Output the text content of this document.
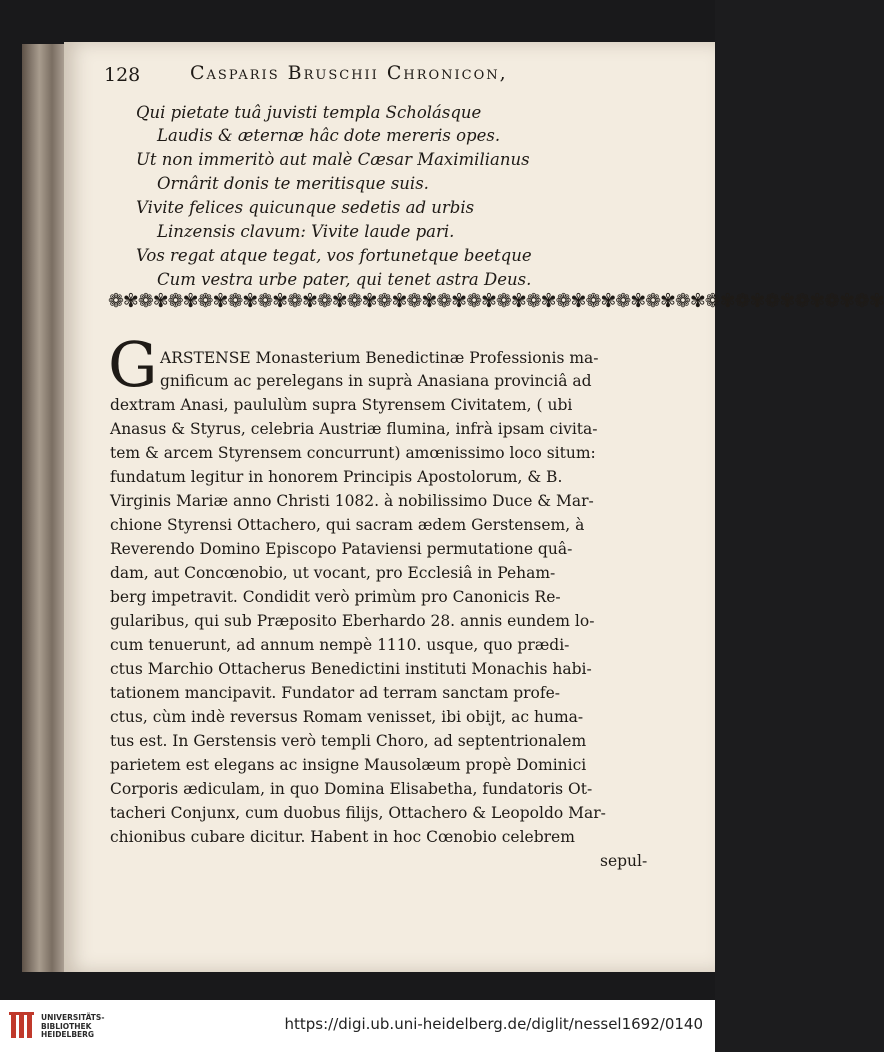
128	Casparis Bruschii Chronicon,
Qui pietate tuâ juvisti templa Scholásque
Laudis & æternæ hâc dote mereris opes.
Ut non immeritò aut malè Cæsar Maximilianus
Ornârit donis te meritisque suis.
Vivite felices quicunque sedetis ad urbis
Linzensis clavum: Vivite laude pari.
Vos regat atque tegat, vos fortunetque beetque
Cum vestra urbe pater, qui tenet astra Deus.
❁✾❁✾❁✾❁✾❁✾❁✾❁✾❁✾❁✾❁✾❁✾❁✾❁✾❁✾❁✾❁✾❁✾❁✾❁✾❁✾❁✾❁✾❁✾❁✾❁✾❁✾
G ARSTENSE Monasterium Benedictinæ Professionis ma-
gnificum ac perelegans in suprà Anasiana provinciâ ad
dextram Anasi, paululùm supra Styrensem Civitatem, ( ubi
Anasus & Styrus, celebria Austriæ flumina, infrà ipsam civita-
tem & arcem Styrensem concurrunt) amœnissimo loco situm:
fundatum legitur in honorem Principis Apostolorum, & B.
Virginis Mariæ anno Christi 1082. à nobilissimo Duce & Mar-
chione Styrensi Ottachero, qui sacram ædem Gerstensem, à
Reverendo Domino Episcopo Pataviensi permutatione quâ-
dam, aut Concœnobio, ut vocant, pro Ecclesiâ in Peham-
berg impetravit. Condidit verò primùm pro Canonicis Re-
gularibus, qui sub Præposito Eberhardo 28. annis eundem lo-
cum tenuerunt, ad annum nempè 1110. usque, quo prædi-
ctus Marchio Ottacherus Benedictini instituti Monachis habi-
tationem mancipavit. Fundator ad terram sanctam profe-
ctus, cùm indè reversus Romam venisset, ibi obijt, ac huma-
tus est. In Gerstensis verò templi Choro, ad septentrionalem
parietem est elegans ac insigne Mausolæum propè Dominici
Corporis ædiculam, in quo Domina Elisabetha, fundatoris Ot-
tacheri Conjunx, cum duobus filijs, Ottachero & Leopoldo Mar-
chionibus cubare dicitur. Habent in hoc Cœnobio celebrem
sepul-
UNIVERSITÄTS-
BIBLIOTHEK
HEIDELBERG
https://digi.ub.uni-heidelberg.de/diglit/nessel1692/0140
